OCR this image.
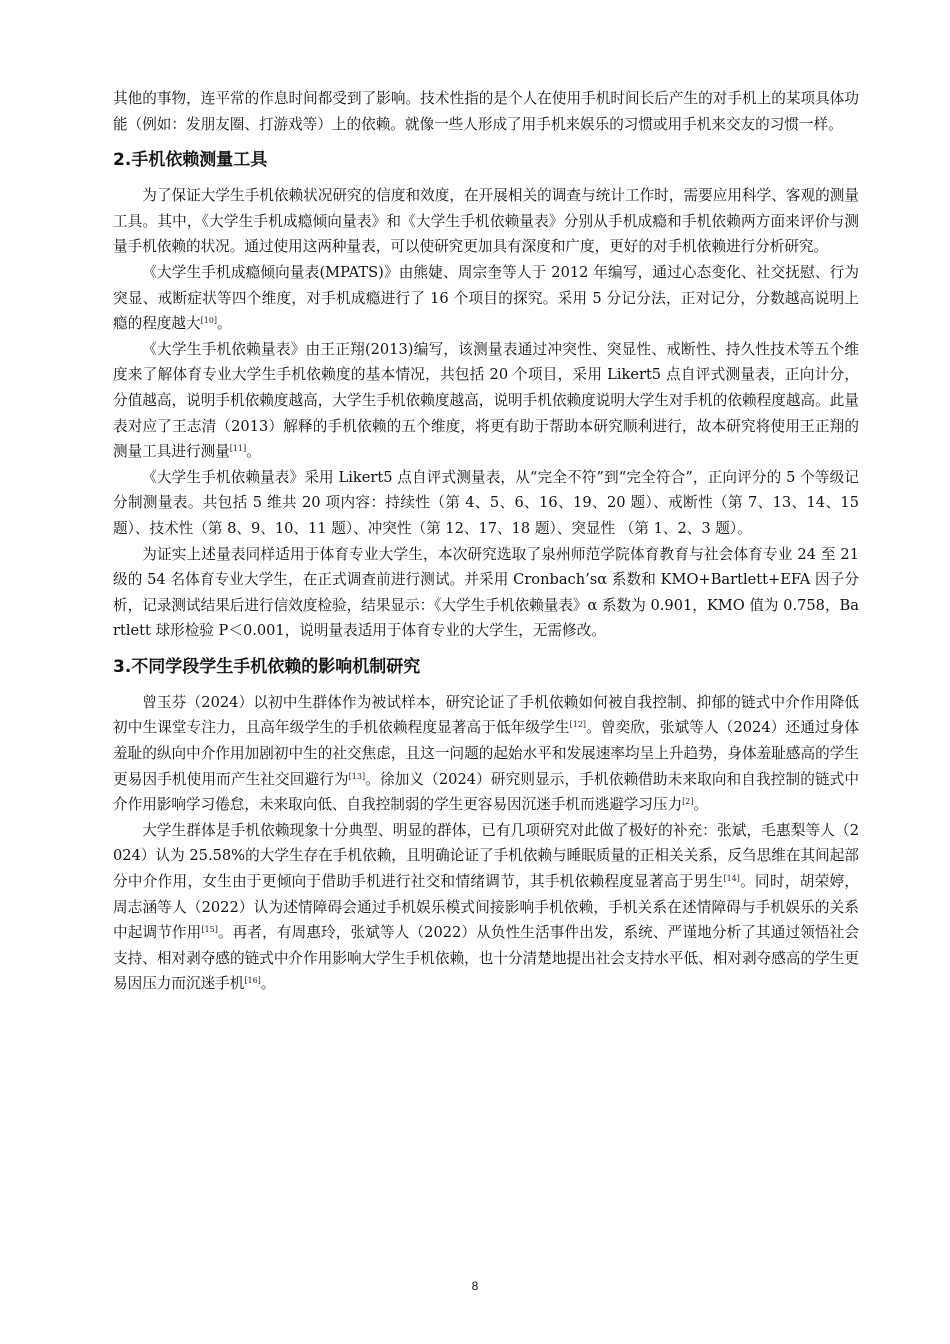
其他的事物，连平常的作息时间都受到了影响。技术性指的是个人在使用手机时间长后产生的对手机上的某项具体功能（例如：发朋友圈、打游戏等）上的依赖。就像一些人形成了用手机来娱乐的习惯或用手机来交友的习惯一样。

2.手机依赖测量工具

为了保证大学生手机依赖状况研究的信度和效度，在开展相关的调查与统计工作时，需要应用科学、客观的测量工具。其中，《大学生手机成瘾倾向量表》和《大学生手机依赖量表》分别从手机成瘾和手机依赖两方面来评价与测量手机依赖的状况。通过使用这两种量表，可以使研究更加具有深度和广度，更好的对手机依赖进行分析研究。

《大学生手机成瘾倾向量表(MPATS)》由熊婕、周宗奎等人于 2012 年编写，通过心态变化、社交抚慰、行为突显、戒断症状等四个维度，对手机成瘾进行了 16 个项目的探究。采用 5 分记分法，正对记分，分数越高说明上瘾的程度越大[10]。

《大学生手机依赖量表》由王正翔(2013)编写，该测量表通过冲突性、突显性、戒断性、持久性技术等五个维度来了解体育专业大学生手机依赖度的基本情况，共包括 20 个项目，采用 Likert5 点自评式测量表，正向计分，分值越高，说明手机依赖度越高，大学生手机依赖度越高，说明手机依赖度说明大学生对手机的依赖程度越高。此量表对应了王志清（2013）解释的手机依赖的五个维度，将更有助于帮助本研究顺利进行，故本研究将使用王正翔的测量工具进行测量[11]。

《大学生手机依赖量表》采用 Likert5 点自评式测量表，从“完全不符”到“完全符合”，正向评分的 5 个等级记分制测量表。共包括 5 维共 20 项内容：持续性（第 4、5、6、16、19、20 题）、戒断性（第 7、13、14、15 题）、技术性（第 8、9、10、11 题）、冲突性（第 12、17、18 题）、突显性 （第 1、2、3 题）。

为证实上述量表同样适用于体育专业大学生，本次研究选取了泉州师范学院体育教育与社会体育专业 24 至 21 级的 54 名体育专业大学生，在正式调查前进行测试。并采用 Cronbach’sα 系数和 KMO+Bartlett+EFA 因子分析，记录测试结果后进行信效度检验，结果显示：《大学生手机依赖量表》α 系数为 0.901，KMO 值为 0.758，Bartlett 球形检验 P＜0.001，说明量表适用于体育专业的大学生，无需修改。

3.不同学段学生手机依赖的影响机制研究

曾玉芬（2024）以初中生群体作为被试样本，研究论证了手机依赖如何被自我控制、抑郁的链式中介作用降低初中生课堂专注力，且高年级学生的手机依赖程度显著高于低年级学生[12]。曾奕欣，张斌等人（2024）还通过身体羞耻的纵向中介作用加剧初中生的社交焦虑，且这一问题的起始水平和发展速率均呈上升趋势，身体羞耻感高的学生更易因手机使用而产生社交回避行为[13]。徐加义（2024）研究则显示，手机依赖借助未来取向和自我控制的链式中介作用影响学习倦怠，未来取向低、自我控制弱的学生更容易因沉迷手机而逃避学习压力[2]。

大学生群体是手机依赖现象十分典型、明显的群体，已有几项研究对此做了极好的补充：张斌，毛惠梨等人（2024）认为 25.58%的大学生存在手机依赖，且明确论证了手机依赖与睡眠质量的正相关关系，反刍思维在其间起部分中介作用，女生由于更倾向于借助手机进行社交和情绪调节，其手机依赖程度显著高于男生[14]。同时，胡荣婷，周志涵等人（2022）认为述情障碍会通过手机娱乐模式间接影响手机依赖，手机关系在述情障碍与手机娱乐的关系中起调节作用[15]。再者，有周惠玲，张斌等人（2022）从负性生活事件出发，系统、严谨地分析了其通过领悟社会支持、相对剥夺感的链式中介作用影响大学生手机依赖，也十分清楚地提出社会支持水平低、相对剥夺感高的学生更易因压力而沉迷手机[16]。

8
